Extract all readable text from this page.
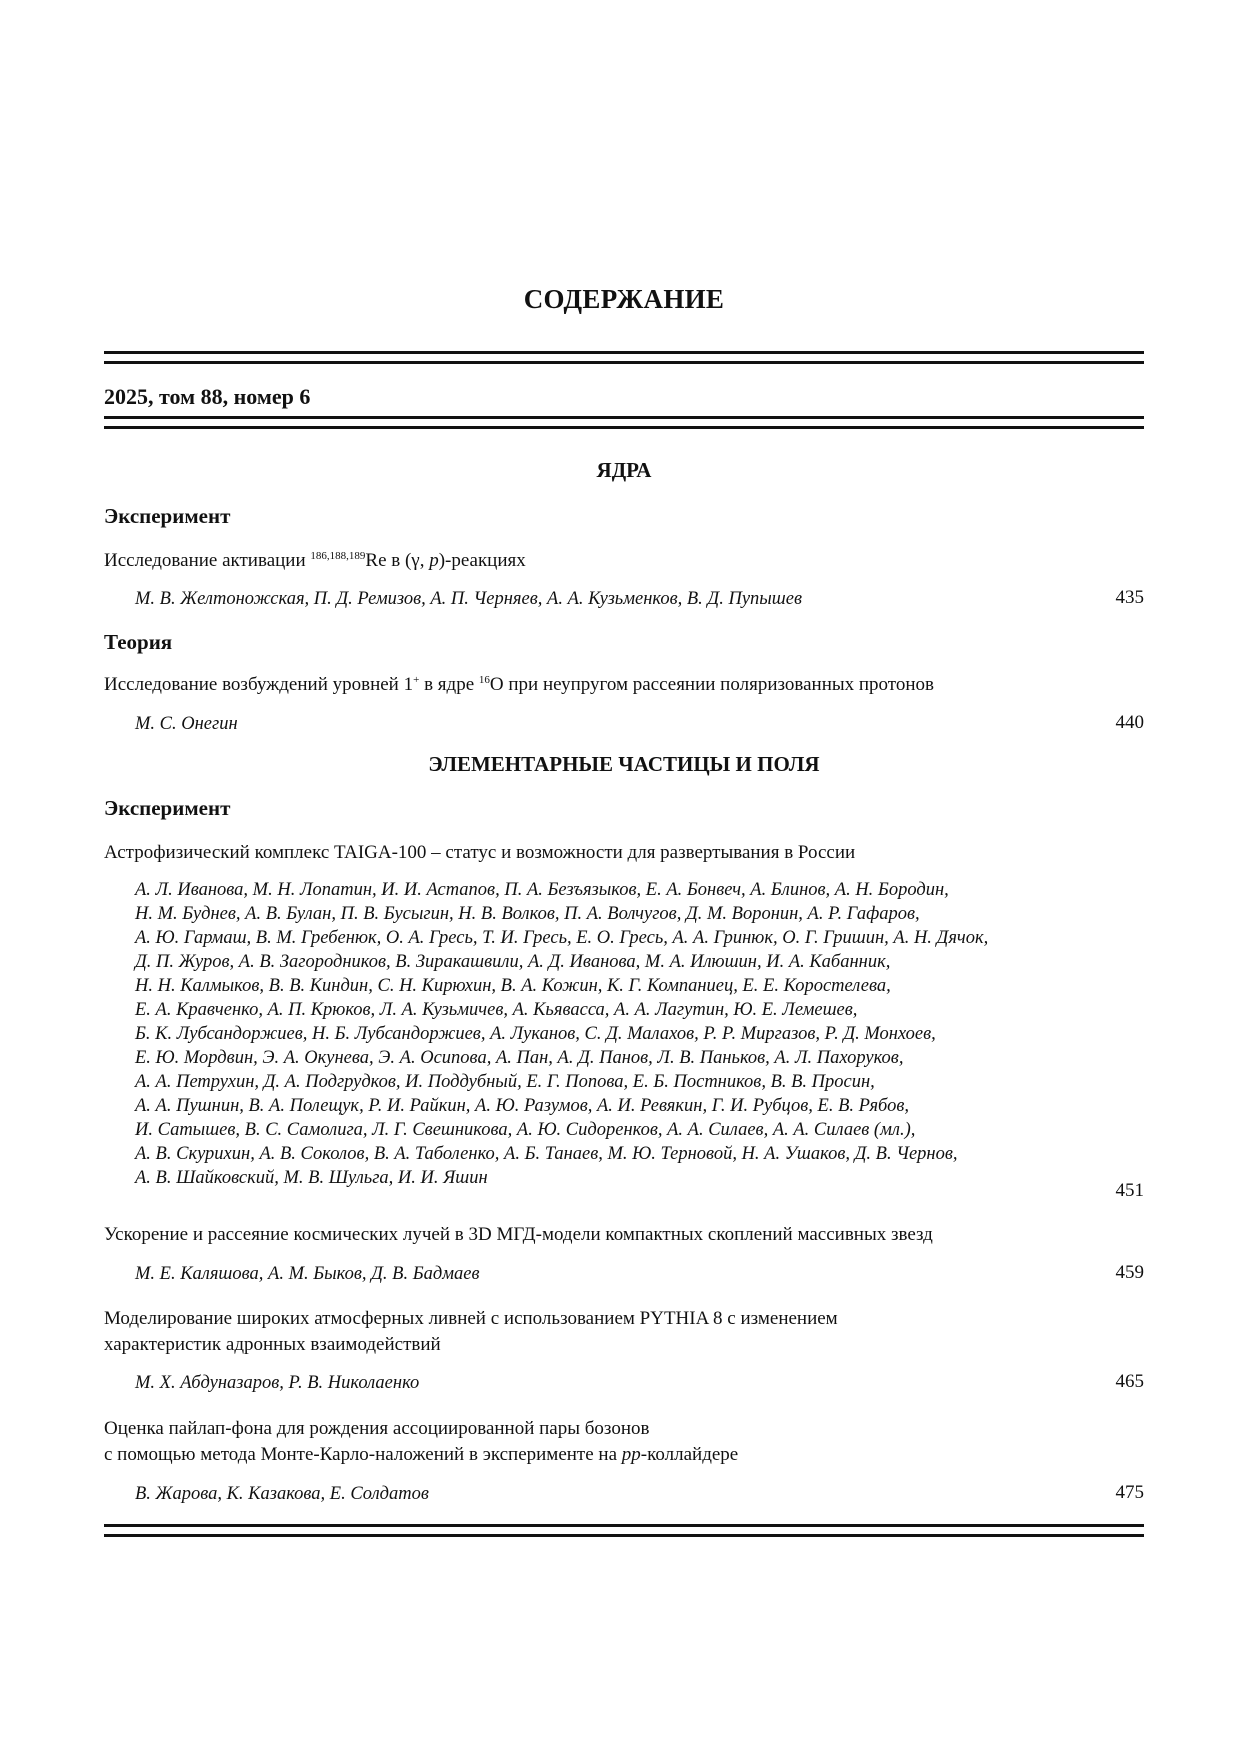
СОДЕРЖАНИЕ
2025, том 88, номер 6
ЯДРА
Эксперимент
Исследование активации $^{186,188,189}$Re в (γ, p)-реакциях
М. В. Желтоножская, П. Д. Ремизов, А. П. Черняев, А. А. Кузьменков, В. Д. Пупышев	435
Теория
Исследование возбуждений уровней 1+ в ядре $^{16}$O при неупругом рассеянии поляризованных протонов
М. С. Онегин	440
ЭЛЕМЕНТАРНЫЕ ЧАСТИЦЫ И ПОЛЯ
Эксперимент
Астрофизический комплекс TAIGA-100 – статус и возможности для развертывания в России
А. Л. Иванова, М. Н. Лопатин, И. И. Астапов, П. А. Безъязыков, Е. А. Бонвеч, А. Блинов, А. Н. Бородин,
Н. М. Буднев, А. В. Булан, П. В. Бусыгин, Н. В. Волков, П. А. Волчугов, Д. М. Воронин, А. Р. Гафаров,
А. Ю. Гармаш, В. М. Гребенюк, О. А. Гресь, Т. И. Гресь, Е. О. Гресь, А. А. Гринюк, О. Г. Гришин, А. Н. Дячок,
Д. П. Журов, А. В. Загородников, В. Зиракашвили, А. Д. Иванова, М. А. Илюшин, И. А. Кабанник,
Н. Н. Калмыков, В. В. Киндин, С. Н. Кирюхин, В. А. Кожин, К. Г. Компаниец, Е. Е. Коростелева,
Е. А. Кравченко, А. П. Крюков, Л. А. Кузьмичев, А. Кьявасса, А. А. Лагутин, Ю. Е. Лемешев,
Б. К. Лубсандоржиев, Н. Б. Лубсандоржиев, А. Луканов, С. Д. Малахов, Р. Р. Миргазов, Р. Д. Монхоев,
Е. Ю. Мордвин, Э. А. Окунева, Э. А. Осипова, А. Пан, А. Д. Панов, Л. В. Паньков, А. Л. Пахоруков,
А. А. Петрухин, Д. А. Подгрудков, И. Поддубный, Е. Г. Попова, Е. Б. Постников, В. В. Просин,
А. А. Пушнин, В. А. Полещук, Р. И. Райкин, А. Ю. Разумов, А. И. Ревякин, Г. И. Рубцов, Е. В. Рябов,
И. Сатышев, В. С. Самолига, Л. Г. Свешникова, А. Ю. Сидоренков, А. А. Силаев, А. А. Силаев (мл.),
А. В. Скурихин, А. В. Соколов, В. А. Таболенко, А. Б. Танаев, М. Ю. Терновой, Н. А. Ушаков, Д. В. Чернов,
А. В. Шайковский, М. В. Шульга, И. И. Яшин
451
Ускорение и рассеяние космических лучей в 3D МГД-модели компактных скоплений массивных звезд
М. Е. Каляшова, А. М. Быков, Д. В. Бадмаев	459
Моделирование широких атмосферных ливней с использованием PYTHIA 8 с изменением
характеристик адронных взаимодействий
М. Х. Абдуназаров, Р. В. Николаенко	465
Оценка пайлап-фона для рождения ассоциированной пары бозонов
с помощью метода Монте-Карло-наложений в эксперименте на pp-коллайдере
В. Жарова, К. Казакова, Е. Солдатов	475
